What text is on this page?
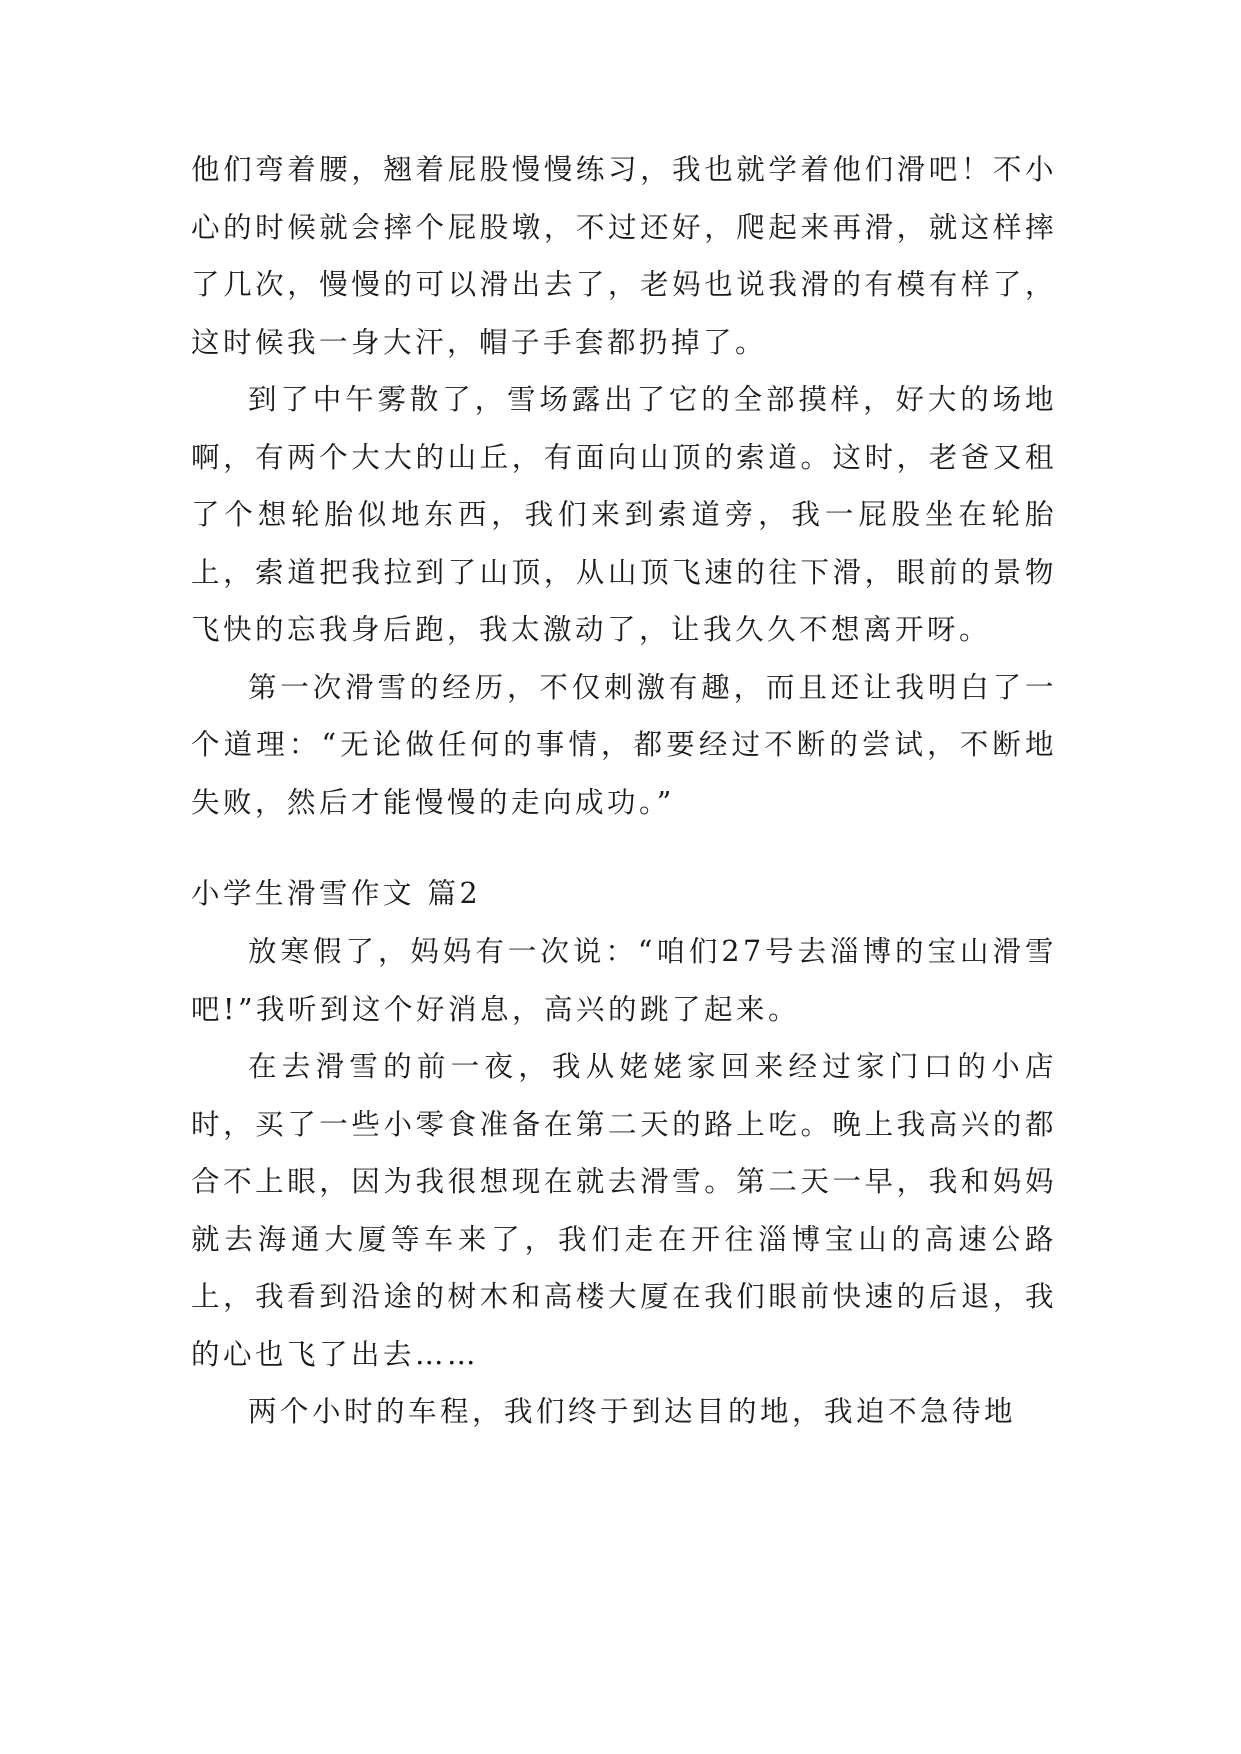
他们弯着腰，翘着屁股慢慢练习，我也就学着他们滑吧！不小心的时候就会摔个屁股墩，不过还好，爬起来再滑，就这样摔了几次，慢慢的可以滑出去了，老妈也说我滑的有模有样了，这时候我一身大汗，帽子手套都扔掉了。

到了中午雾散了，雪场露出了它的全部摸样，好大的场地啊，有两个大大的山丘，有面向山顶的索道。这时，老爸又租了个想轮胎似地东西，我们来到索道旁，我一屁股坐在轮胎上，索道把我拉到了山顶，从山顶飞速的往下滑，眼前的景物飞快的忘我身后跑，我太激动了，让我久久不想离开呀。

第一次滑雪的经历，不仅刺激有趣，而且还让我明白了一个道理：“无论做任何的事情，都要经过不断的尝试，不断地失败，然后才能慢慢的走向成功。”

小学生滑雪作文 篇2

放寒假了，妈妈有一次说：“咱们27号去淄博的宝山滑雪吧!”我听到这个好消息，高兴的跳了起来。

在去滑雪的前一夜，我从姥姥家回来经过家门口的小店时，买了一些小零食准备在第二天的路上吃。晚上我高兴的都合不上眼，因为我很想现在就去滑雪。第二天一早，我和妈妈就去海通大厦等车来了，我们走在开往淄博宝山的高速公路上，我看到沿途的树木和高楼大厦在我们眼前快速的后退，我的心也飞了出去……

两个小时的车程，我们终于到达目的地，我迫不急待地
